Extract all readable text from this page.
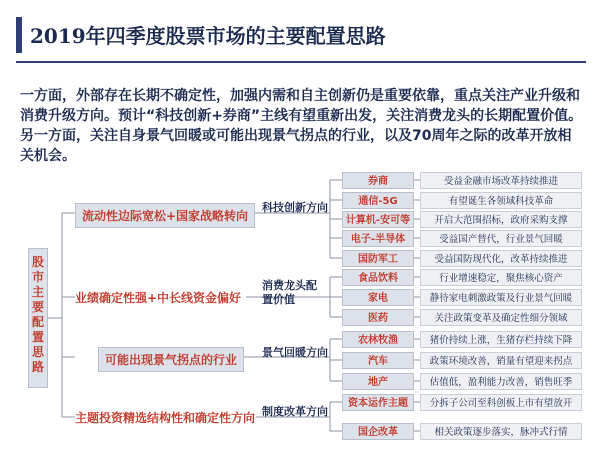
2019年四季度股票市场的主要配置思路

一方面，外部存在长期不确定性，加强内需和自主创新仍是重要依靠，重点关注产业升级和消费升级方向。预计“科技创新+券商”主线有望重新出发，关注消费龙头的长期配置价值。

另一方面，关注自身景气回暖或可能出现景气拐点的行业，以及70周年之际的改革开放相关机会。

股市主要配置思路
流动性边际宽松+国家战略转向
业绩确定性强+中长线资金偏好
可能出现景气拐点的行业
主题投资精选结构性和确定性方向
科技创新方向
消费龙头配置价值
景气回暖方向
制度改革方向
券商	受益金融市场改革持续推进
通信-5G	有望诞生各领域科技革命
计算机-安可等	开启大范围招标，政府采购支撑
电子-半导体	受益国产替代，行业景气回暖
国防军工	受益国防现代化，改革持续推进
食品饮料	行业增速稳定，聚焦核心资产
家电	静待家电刺激政策及行业景气回暖
医药	关注政策变革及确定性细分领域
农林牧渔	猪价持续上涨，生猪存栏持续下降
汽车	政策环境改善，销量有望迎来拐点
地产	估值低，盈利能力改善，销售旺季
资本运作主题	分拆子公司至科创板上市有望放开
国企改革	相关政策逐步落实，脉冲式行情
